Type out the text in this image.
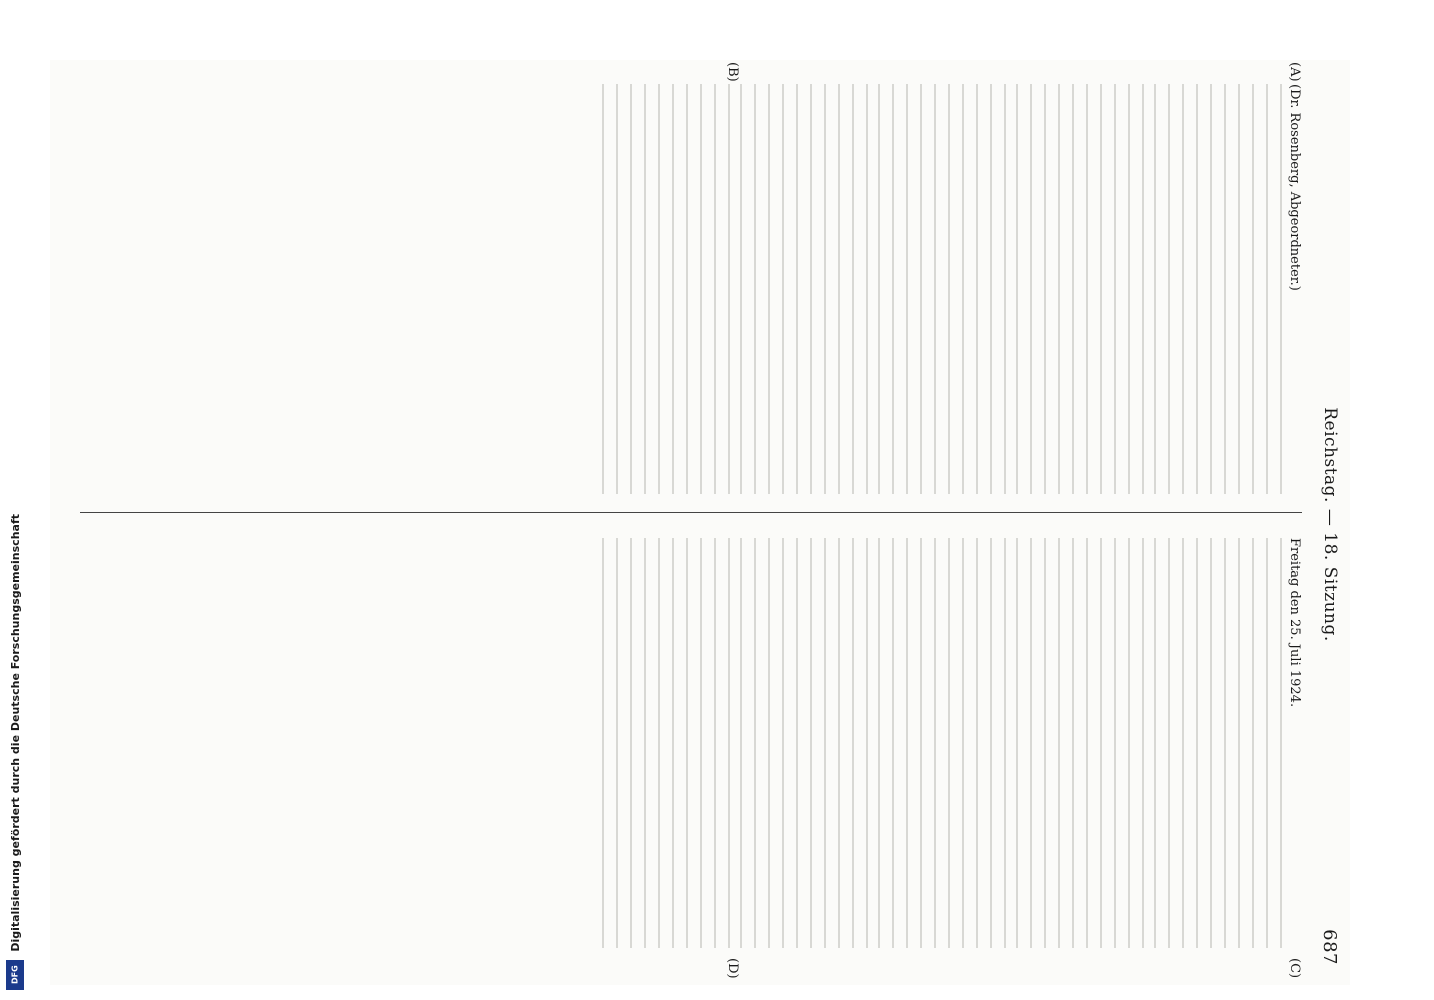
Reichstag. — 18. Sitzung.
687
(A)
(B)
(C)
(D)
(Dr. Rosenberg, Abgeordneter.)

Freitag den 25. Juli 1924.

DFG
Digitalisierung gefördert durch die Deutsche Forschungsgemeinschaft
